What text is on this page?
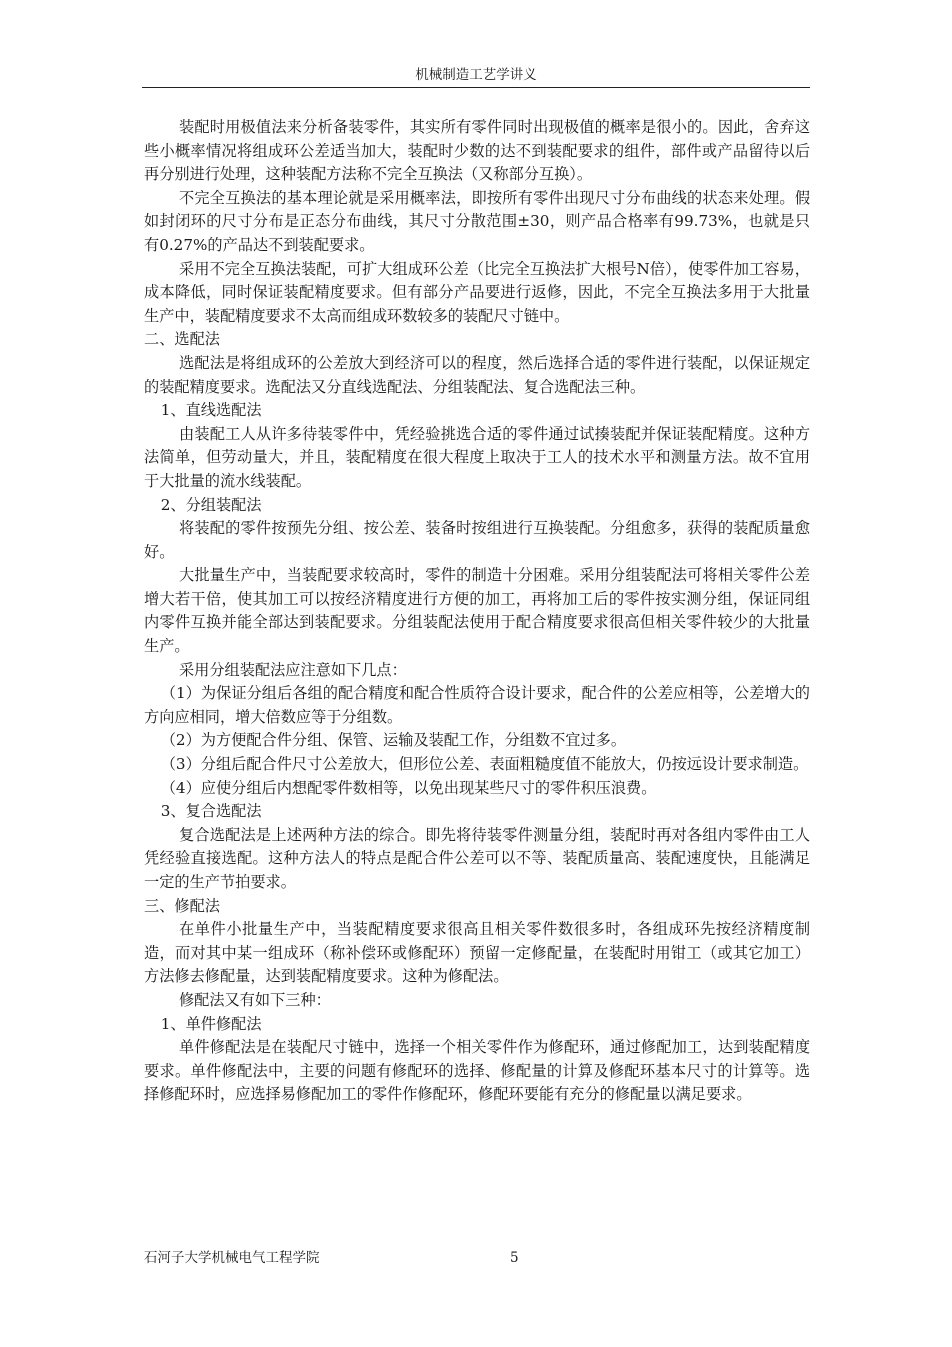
机械制造工艺学讲义

装配时用极值法来分析备装零件，其实所有零件同时出现极值的概率是很小的。因此，舍弃这些小概率情况将组成环公差适当加大，装配时少数的达不到装配要求的组件，部件或产品留待以后再分别进行处理，这种装配方法称不完全互换法（又称部分互换）。

不完全互换法的基本理论就是采用概率法，即按所有零件出现尺寸分布曲线的状态来处理。假如封闭环的尺寸分布是正态分布曲线，其尺寸分散范围±30，则产品合格率有99.73%，也就是只有0.27%的产品达不到装配要求。

采用不完全互换法装配，可扩大组成环公差（比完全互换法扩大根号N倍），使零件加工容易，成本降低，同时保证装配精度要求。但有部分产品要进行返修，因此，不完全互换法多用于大批量生产中，装配精度要求不太高而组成环数较多的装配尺寸链中。

二、选配法

选配法是将组成环的公差放大到经济可以的程度，然后选择合适的零件进行装配，以保证规定的装配精度要求。选配法又分直线选配法、分组装配法、复合选配法三种。

1、直线选配法

由装配工人从许多待装零件中，凭经验挑选合适的零件通过试揍装配并保证装配精度。这种方法简单，但劳动量大，并且，装配精度在很大程度上取决于工人的技术水平和测量方法。故不宜用于大批量的流水线装配。

2、分组装配法

将装配的零件按预先分组、按公差、装备时按组进行互换装配。分组愈多，获得的装配质量愈好。

大批量生产中，当装配要求较高时，零件的制造十分困难。采用分组装配法可将相关零件公差增大若干倍，使其加工可以按经济精度进行方便的加工，再将加工后的零件按实测分组，保证同组内零件互换并能全部达到装配要求。分组装配法使用于配合精度要求很高但相关零件较少的大批量生产。

采用分组装配法应注意如下几点：

（1）为保证分组后各组的配合精度和配合性质符合设计要求，配合件的公差应相等，公差增大的方向应相同，增大倍数应等于分组数。

（2）为方便配合件分组、保管、运输及装配工作，分组数不宜过多。

（3）分组后配合件尺寸公差放大，但形位公差、表面粗糙度值不能放大，仍按远设计要求制造。

（4）应使分组后内想配零件数相等，以免出现某些尺寸的零件积压浪费。

3、复合选配法

复合选配法是上述两种方法的综合。即先将待装零件测量分组，装配时再对各组内零件由工人凭经验直接选配。这种方法人的特点是配合件公差可以不等、装配质量高、装配速度快，且能满足一定的生产节拍要求。

三、修配法

在单件小批量生产中，当装配精度要求很高且相关零件数很多时，各组成环先按经济精度制造，而对其中某一组成环（称补偿环或修配环）预留一定修配量，在装配时用钳工（或其它加工）方法修去修配量，达到装配精度要求。这种为修配法。

修配法又有如下三种：

1、单件修配法

单件修配法是在装配尺寸链中，选择一个相关零件作为修配环，通过修配加工，达到装配精度要求。单件修配法中，主要的问题有修配环的选择、修配量的计算及修配环基本尺寸的计算等。选择修配环时，应选择易修配加工的零件作修配环，修配环要能有充分的修配量以满足要求。

石河子大学机械电气工程学院	5
